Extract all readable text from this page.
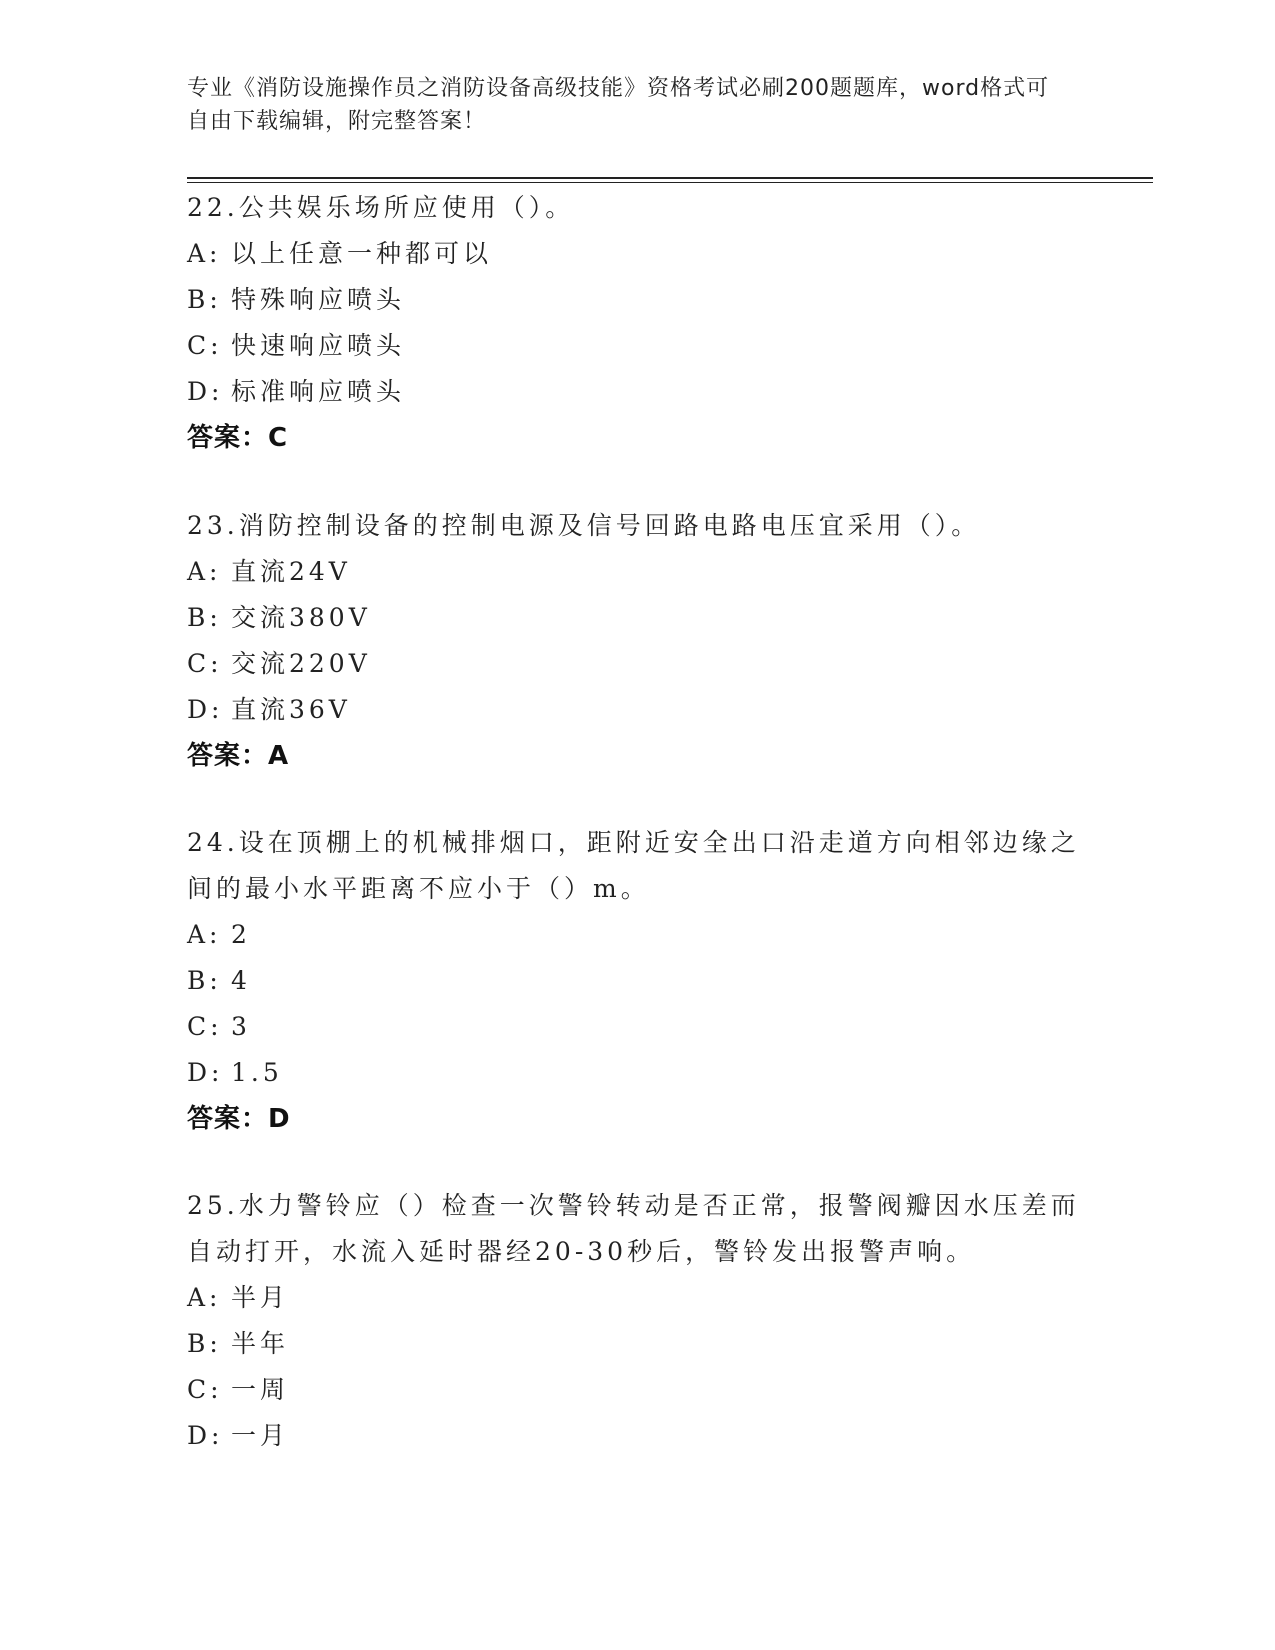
专业《消防设施操作员之消防设备高级技能》资格考试必刷200题题库，word格式可自由下载编辑，附完整答案！

22.公共娱乐场所应使用（）。

A: 以上任意一种都可以

B: 特殊响应喷头

C: 快速响应喷头

D: 标准响应喷头

答案：C

23.消防控制设备的控制电源及信号回路电路电压宜采用（）。

A: 直流24V

B: 交流380V

C: 交流220V

D: 直流36V

答案：A

24.设在顶棚上的机械排烟口，距附近安全出口沿走道方向相邻边缘之间的最小水平距离不应小于（）m。

A: 2

B: 4

C: 3

D: 1.5

答案：D

25.水力警铃应（）检查一次警铃转动是否正常，报警阀瓣因水压差而自动打开，水流入延时器经20-30秒后，警铃发出报警声响。

A: 半月

B: 半年

C: 一周

D: 一月
